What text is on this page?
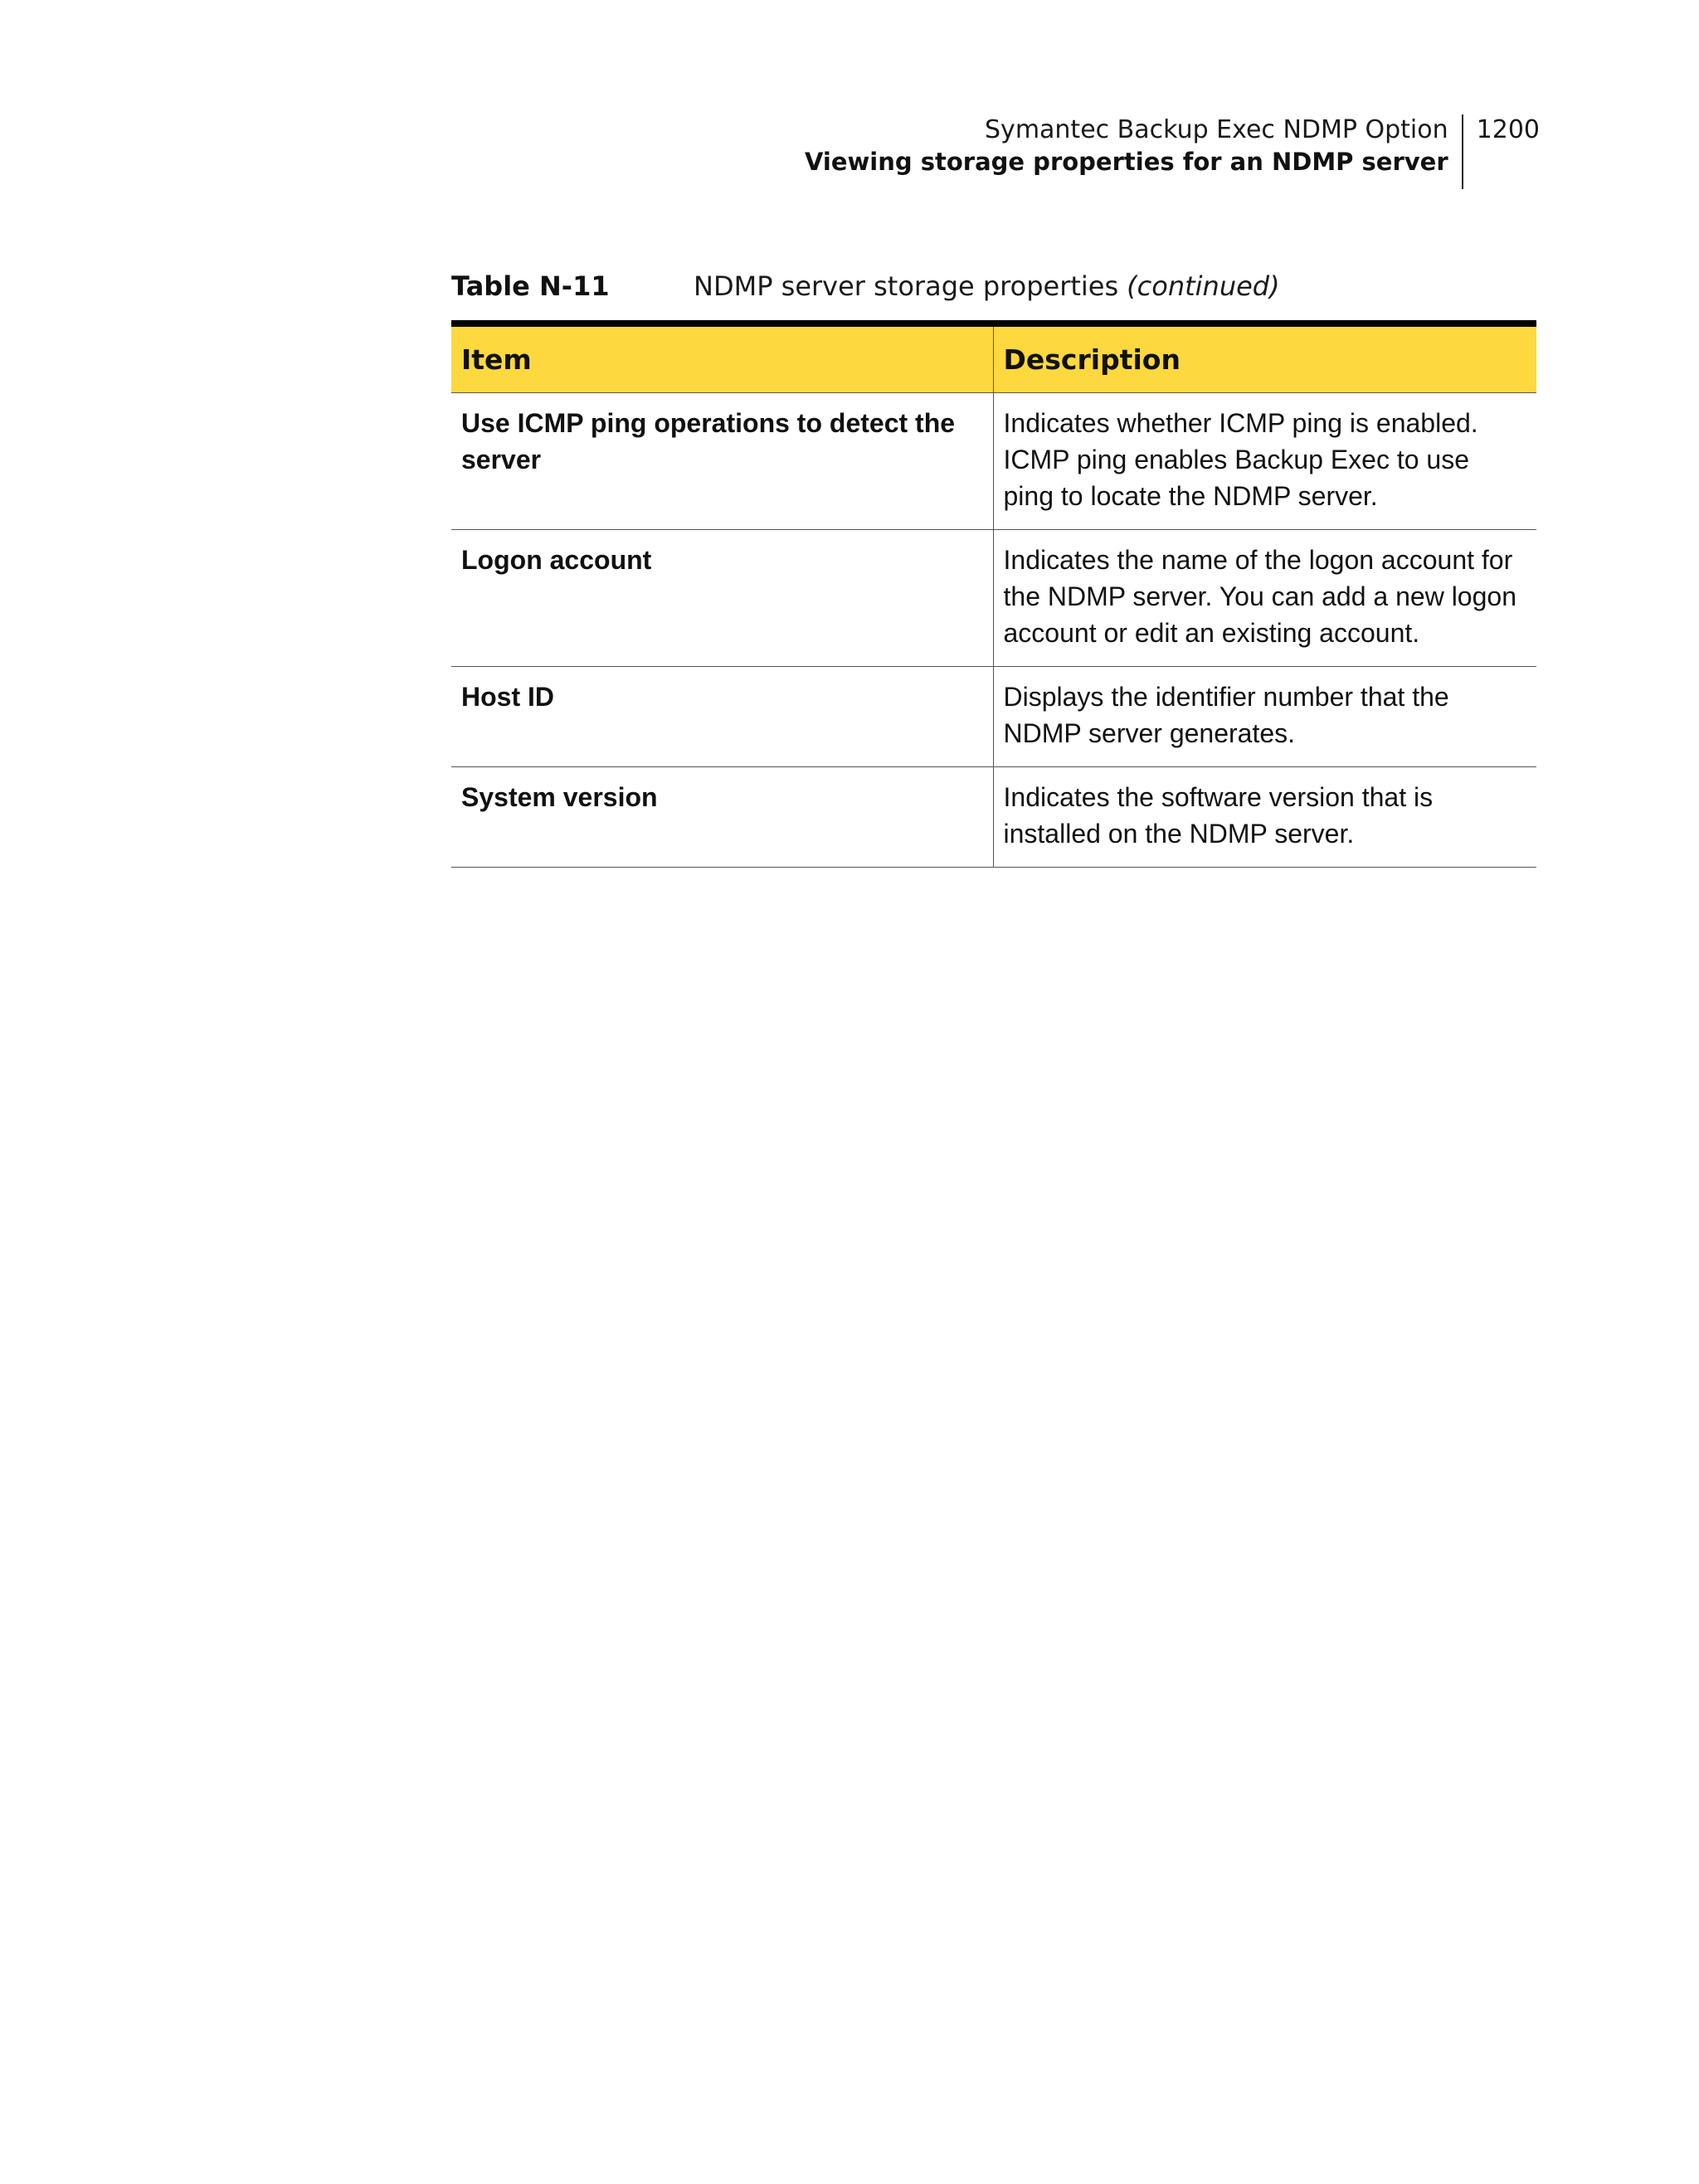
Symantec Backup Exec NDMP Option
Viewing storage properties for an NDMP server
1200
Table N-11	NDMP server storage properties (continued)
Item	Description
Use ICMP ping operations to detect the server	Indicates whether ICMP ping is enabled. ICMP ping enables Backup Exec to use ping to locate the NDMP server.
Logon account	Indicates the name of the logon account for the NDMP server. You can add a new logon account or edit an existing account.
Host ID	Displays the identifier number that the NDMP server generates.
System version	Indicates the software version that is installed on the NDMP server.
